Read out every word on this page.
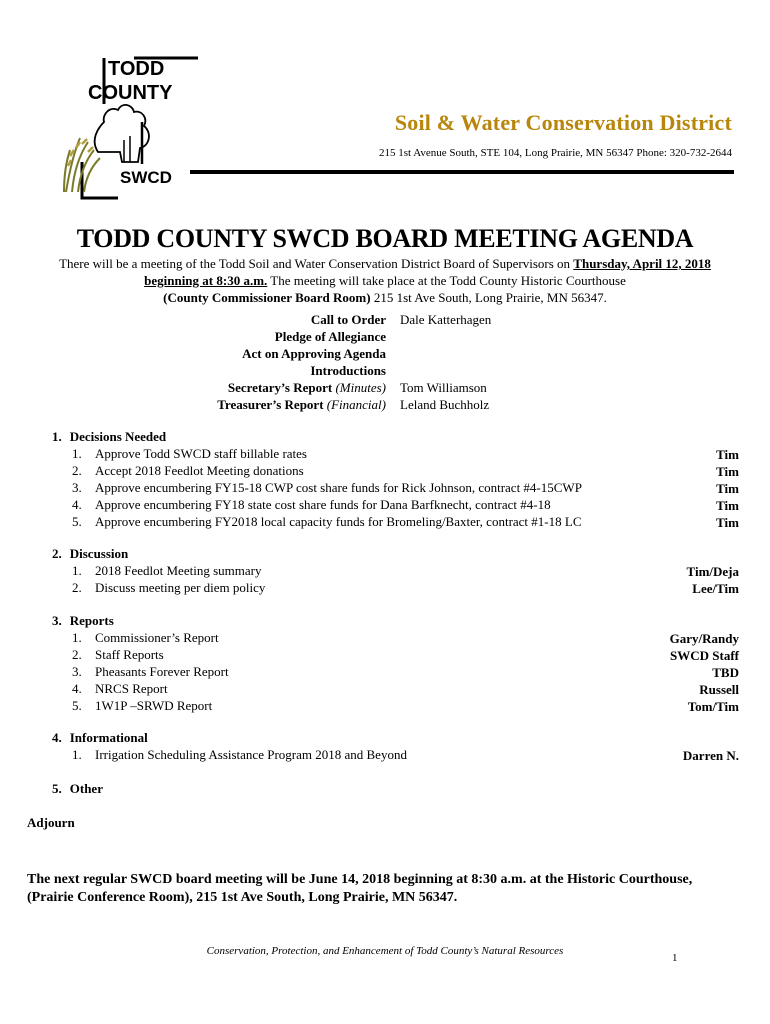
TODD
COUNTY
SWCD
Soil & Water Conservation District
215 1st Avenue South, STE 104, Long Prairie, MN 56347 Phone: 320-732-2644
TODD COUNTY SWCD BOARD MEETING AGENDA
There will be a meeting of the Todd Soil and Water Conservation District Board of Supervisors on Thursday, April 12, 2018 beginning at 8:30 a.m. The meeting will take place at the Todd County Historic Courthouse
(County Commissioner Board Room) 215 1st Ave South, Long Prairie, MN 56347.
Call to Order Dale Katterhagen
Pledge of Allegiance
Act on Approving Agenda
Introductions
Secretary’s Report (Minutes) Tom Williamson
Treasurer’s Report (Financial) Leland Buchholz
1. Decisions Needed
1. Approve Todd SWCD staff billable rates	Tim
2. Accept 2018 Feedlot Meeting donations	Tim
3. Approve encumbering FY15-18 CWP cost share funds for Rick Johnson, contract #4-15CWP	Tim
4. Approve encumbering FY18 state cost share funds for Dana Barfknecht, contract #4-18	Tim
5. Approve encumbering FY2018 local capacity funds for Bromeling/Baxter, contract #1-18 LC	Tim
2. Discussion
1. 2018 Feedlot Meeting summary	Tim/Deja
2. Discuss meeting per diem policy	Lee/Tim
3. Reports
1. Commissioner’s Report	Gary/Randy
2. Staff Reports	SWCD Staff
3. Pheasants Forever Report	TBD
4. NRCS Report	Russell
5. 1W1P –SRWD Report	Tom/Tim
4. Informational
1. Irrigation Scheduling Assistance Program 2018 and Beyond	Darren N.
5. Other
Adjourn
The next regular SWCD board meeting will be June 14, 2018 beginning at 8:30 a.m. at the Historic Courthouse, (Prairie Conference Room), 215 1st Ave South, Long Prairie, MN 56347.
Conservation, Protection, and Enhancement of Todd County’s Natural Resources
1
